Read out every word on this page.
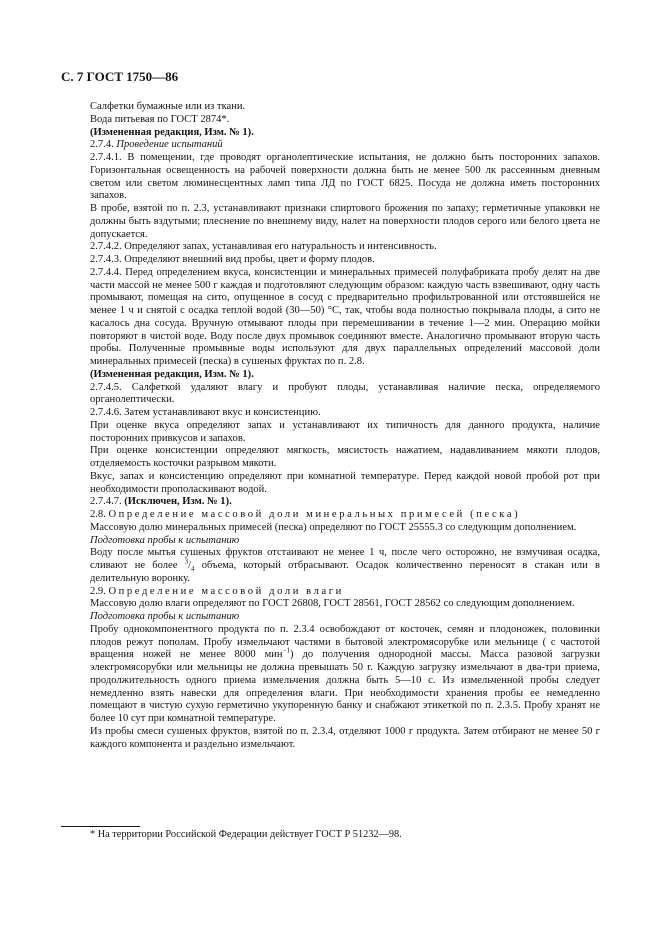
С. 7 ГОСТ 1750—86

Салфетки бумажные или из ткани.

Вода питьевая по ГОСТ 2874*.

(Измененная редакция, Изм. № 1).

2.7.4. Проведение испытаний

2.7.4.1. В помещении, где проводят органолептические испытания, не должно быть посторонних запахов. Горизонтальная освещенность на рабочей поверхности должна быть не менее 500 лк рассеянным дневным светом или светом люминесцентных ламп типа ЛД по ГОСТ 6825. Посуда не должна иметь посторонних запахов.

В пробе, взятой по п. 2.3, устанавливают признаки спиртового брожения по запаху; герметичные упаковки не должны быть вздутыми; плеснение по внешнему виду, налет на поверхности плодов серого или белого цвета не допускается.

2.7.4.2. Определяют запах, устанавливая его натуральность и интенсивность.

2.7.4.3. Определяют внешний вид пробы, цвет и форму плодов.

2.7.4.4. Перед определением вкуса, консистенции и минеральных примесей полуфабриката пробу делят на две части массой не менее 500 г каждая и подготовляют следующим образом: каждую часть взвешивают, одну часть промывают, помещая на сито, опущенное в сосуд с предварительно профильтрованной или отстоявшейся не менее 1 ч и снятой с осадка теплой водой (30—50) °С, так, чтобы вода полностью покрывала плоды, а сито не касалось дна сосуда. Вручную отмывают плоды при перемешивании в течение 1—2 мин. Операцию мойки повторяют в чистой воде. Воду после двух промывок соединяют вместе. Аналогично промывают вторую часть пробы. Полученные промывные воды используют для двух параллельных определений массовой доли минеральных примесей (песка) в сушеных фруктах по п. 2.8.

(Измененная редакция, Изм. № 1).

2.7.4.5. Салфеткой удаляют влагу и пробуют плоды, устанавливая наличие песка, определяемого органолептически.

2.7.4.6. Затем устанавливают вкус и консистенцию.

При оценке вкуса определяют запах и устанавливают их типичность для данного продукта, наличие посторонних привкусов и запахов.

При оценке консистенции определяют мягкость, мясистость нажатием, надавливанием мякоти плодов, отделяемость косточки разрывом мякоти.

Вкус, запах и консистенцию определяют при комнатной температуре. Перед каждой новой пробой рот при необходимости прополаскивают водой.

2.7.4.7. (Исключен, Изм. № 1).

2.8. Определение массовой доли минеральных примесей (песка)

Массовую долю минеральных примесей (песка) определяют по ГОСТ 25555.3 со следующим дополнением.

Подготовка пробы к испытанию

Воду после мытья сушеных фруктов отстаивают не менее 1 ч, после чего осторожно, не взмучивая осадка, сливают не более $^3/_4$ объема, который отбрасывают. Осадок количественно переносят в стакан или в делительную воронку.

2.9. Определение массовой доли влаги

Массовую долю влаги определяют по ГОСТ 26808, ГОСТ 28561, ГОСТ 28562 со следующим дополнением.

Подготовка пробы к испытанию

Пробу однокомпонентного продукта по п. 2.3.4 освобождают от косточек, семян и плодоножек, половинки плодов режут пополам. Пробу измельчают частями в бытовой электромясорубке или мельнице ( с частотой вращения ножей не менее 8000 мин$^{-1}$) до получения однородной массы. Масса разовой загрузки электромясорубки или мельницы не должна превышать 50 г. Каждую загрузку измельчают в два-три приема, продолжительность одного приема измельчения должна быть 5—10 с. Из измельченной пробы следует немедленно взять навески для определения влаги. При необходимости хранения пробы ее немедленно помещают в чистую сухую герметично укупоренную банку и снабжают этикеткой по п. 2.3.5. Пробу хранят не более 10 сут при комнатной температуре.

Из пробы смеси сушеных фруктов, взятой по п. 2.3.4, отделяют 1000 г продукта. Затем отбирают не менее 50 г каждого компонента и раздельно измельчают.

* На территории Российской Федерации действует ГОСТ Р 51232—98.
